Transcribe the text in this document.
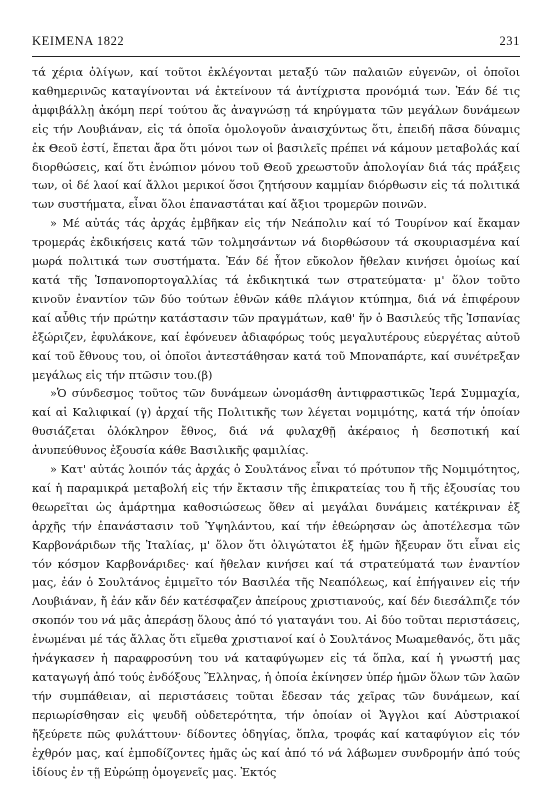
ΚΕΙΜΕΝΑ 1822	231

τά χέρια ὀλίγων, καί τοῦτοι ἐκλέγονται μεταξύ τῶν παλαιῶν εὐγενῶν, οἱ ὁποῖοι καθημερινῶς καταγίνονται νά ἐκτείνουν τά ἀντίχριστα προνόμιά των. Ἐάν δέ τις ἀμφιβάλλῃ ἀκόμη περί τούτου ἄς ἀναγνώσῃ τά κηρύγματα τῶν μεγάλων δυνάμεων εἰς τήν Λουβιάναν, εἰς τά ὁποῖα ὁμολογοῦν ἀναισχύντως ὅτι, ἐπειδή πᾶσα δύναμις ἐκ Θεοῦ ἐστί, ἔπεται ἄρα ὅτι μόνοι των οἱ βασιλεῖς πρέπει νά κάμουν μεταβολάς καί διορθώσεις, καί ὅτι ἐνώπιον μόνου τοῦ Θεοῦ χρεωστοῦν ἀπολογίαν διά τάς πράξεις των, οἱ δέ λαοί καί ἄλλοι μερικοί ὅσοι ζητήσουν καμμίαν διόρθωσιν εἰς τά πολιτικά των συστήματα, εἶναι ὅλοι ἐπαναστάται καί ἄξιοι τρομερῶν ποινῶν.

» Μέ αὐτάς τάς ἀρχάς ἐμβῆκαν εἰς τήν Νεάπολιν καί τό Τουρίνον καί ἔκαμαν τρομεράς ἐκδικήσεις κατά τῶν τολμησάντων νά διορθώσουν τά σκουριασμένα καί μωρά πολιτικά των συστήματα. Ἐάν δέ ἦτον εὔκολον ἤθελαν κινήσει ὁμοίως καί κατά τῆς Ἱσπανοπορτογαλλίας τά ἐκδικητικά των στρατεύματα· μ' ὅλον τοῦτο κινοῦν ἐναντίον τῶν δύο τούτων ἐθνῶν κάθε πλάγιον κτύπημα, διά νά ἐπιφέρουν καί αὖθις τήν πρώτην κατάστασιν τῶν πραγμάτων, καθ' ἥν ὁ Βασιλεύς τῆς Ἱσπανίας ἐξώριζεν, ἐφυλάκονε, καί ἐφόνευεν ἀδιαφόρως τούς μεγαλυτέρους εὐεργέτας αὐτοῦ καί τοῦ ἔθνους του, οἱ ὁποῖοι ἀντεστάθησαν κατά τοῦ Μποναπάρτε, καί συνέτρεξαν μεγάλως εἰς τήν πτῶσιν του.(β)

»Ὁ σύνδεσμος τοῦτος τῶν δυνάμεων ὠνομάσθη ἀντιφραστικῶς Ἱερά Συμμαχία, καί αἱ Καλιφικαί (γ) ἀρχαί τῆς Πολιτικῆς των λέγεται νομιμότης, κατά τήν ὁποίαν θυσιάζεται ὁλόκληρον ἔθνος, διά νά φυλαχθῇ ἀκέραιος ἡ δεσποτική καί ἀνυπεύθυνος ἐξουσία κάθε Βασιλικῆς φαμιλίας.

» Κατ' αὐτάς λοιπόν τάς ἀρχάς ὁ Σουλτάνος εἶναι τό πρότυπον τῆς Νομιμότητος, καί ἡ παραμικρά μεταβολή εἰς τήν ἔκτασιν τῆς ἐπικρατείας του ἤ τῆς ἐξουσίας του θεωρεῖται ὡς ἁμάρτημα καθοσιώσεως ὅθεν αἱ μεγάλαι δυνάμεις κατέκριναν ἐξ ἀρχῆς τήν ἐπανάστασιν τοῦ Ὑψηλάντου, καί τήν ἐθεώρησαν ὡς ἀποτέλεσμα τῶν Καρβονάριδων τῆς Ἰταλίας, μ' ὅλον ὅτι ὀλιγώτατοι ἐξ ἡμῶν ἤξευραν ὅτι εἶναι εἰς τόν κόσμον Καρβονάριδες· καί ἤθελαν κινήσει καί τά στρατεύματά των ἐναντίον μας, ἐάν ὁ Σουλτάνος ἐμιμεῖτο τόν Βασιλέα τῆς Νεαπόλεως, καί ἐπήγαινεν εἰς τήν Λουβιάναν, ἤ ἐάν κἄν δέν κατέσφαζεν ἀπείρους χριστιανούς, καί δέν διεσάλπιζε τόν σκοπόν του νά μᾶς ἀπεράσῃ ὅλους ἀπό τό γιαταγάνι του. Αἱ δύο τοῦται περιστάσεις, ἑνωμέναι μέ τάς ἄλλας ὅτι εἴμεθα χριστιανοί καί ὁ Σουλτάνος Μωαμεθανός, ὅτι μᾶς ἠνάγκασεν ἡ παραφροσύνη του νά καταφύγωμεν εἰς τά ὅπλα, καί ἡ γνωστή μας καταγωγή ἀπό τούς ἐνδόξους Ἕλληνας, ἡ ὁποία ἐκίνησεν ὑπέρ ἡμῶν ὅλων τῶν λαῶν τήν συμπάθειαν, αἱ περιστάσεις τοῦται ἔδεσαν τάς χεῖρας τῶν δυνάμεων, καί περιωρίσθησαν εἰς ψευδῆ οὐδετερότητα, τήν ὁποίαν οἱ Ἄγγλοι καί Αὐστριακοί ἤξεύρετε πῶς φυλάττουν· δίδοντες ὁδηγίας, ὅπλα, τροφάς καί καταφύγιον εἰς τόν ἐχθρόν μας, καί ἐμποδίζοντες ἡμᾶς ὡς καί ἀπό τό νά λάβωμεν συνδρομήν ἀπό τούς ἰδίους ἐν τῇ Εὐρώπῃ ὁμογενεῖς μας. Ἐκτός
